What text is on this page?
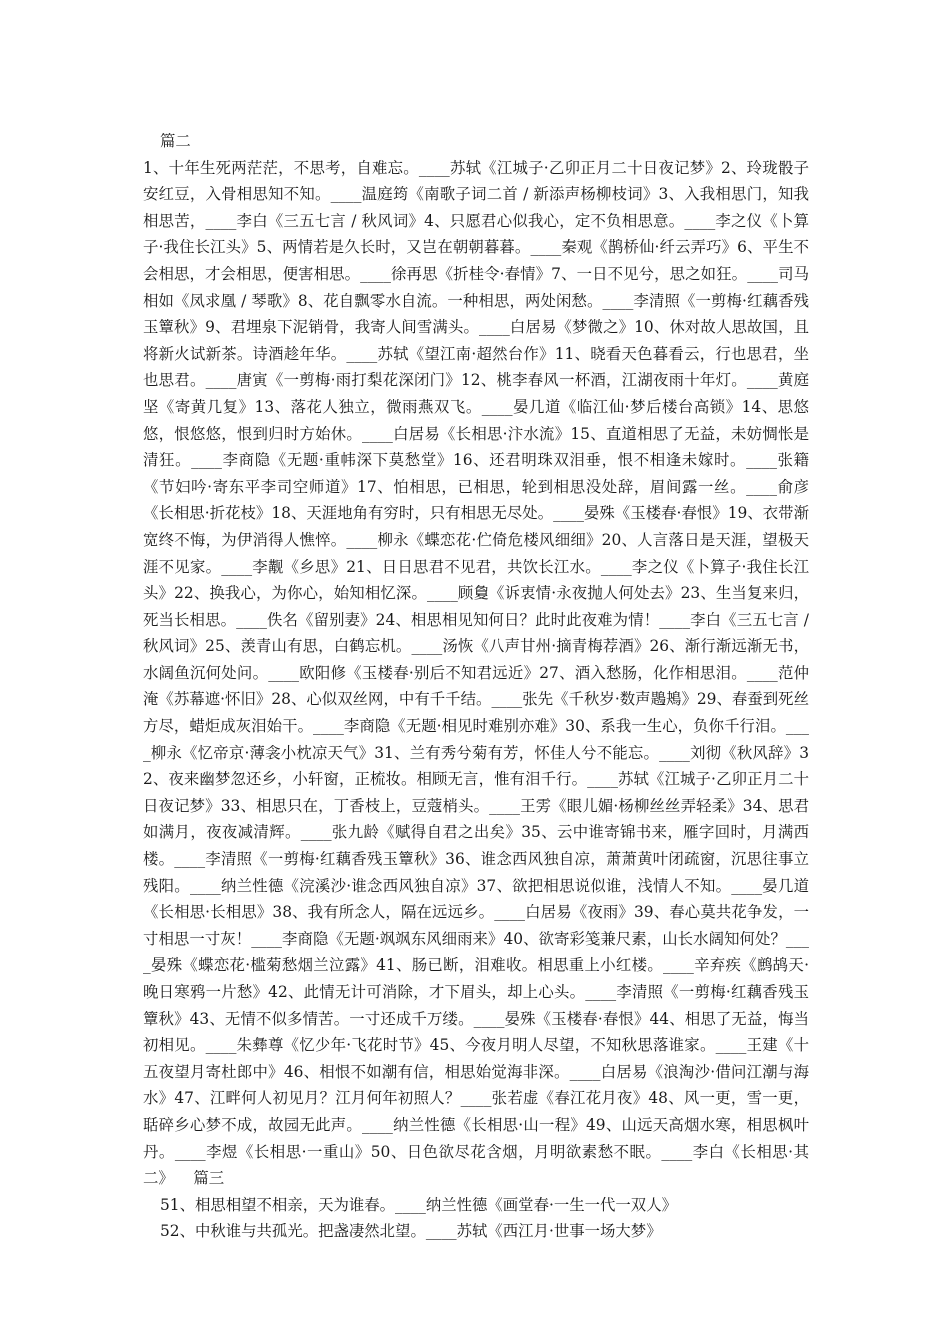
篇二

1、十年生死两茫茫，不思考，自难忘。____苏轼《江城子·乙卯正月二十日夜记梦》2、玲珑骰子安红豆，入骨相思知不知。____温庭筠《南歌子词二首 / 新添声杨柳枝词》3、入我相思门，知我相思苦，____李白《三五七言 / 秋风词》4、只愿君心似我心，定不负相思意。____李之仪《卜算子·我住长江头》5、两情若是久长时，又岂在朝朝暮暮。____秦观《鹊桥仙·纤云弄巧》6、平生不会相思，才会相思，便害相思。____徐再思《折桂令·春情》7、一日不见兮，思之如狂。____司马相如《凤求凰 / 琴歌》8、花自飘零水自流。一种相思，两处闲愁。____李清照《一剪梅·红藕香残玉簟秋》9、君埋泉下泥销骨，我寄人间雪满头。____白居易《梦微之》10、休对故人思故国，且将新火试新茶。诗酒趁年华。____苏轼《望江南·超然台作》11、晓看天色暮看云，行也思君，坐也思君。____唐寅《一剪梅·雨打梨花深闭门》12、桃李春风一杯酒，江湖夜雨十年灯。____黄庭坚《寄黄几复》13、落花人独立，微雨燕双飞。____晏几道《临江仙·梦后楼台高锁》14、思悠悠，恨悠悠，恨到归时方始休。____白居易《长相思·汴水流》15、直道相思了无益，未妨惆怅是清狂。____李商隐《无题·重帏深下莫愁堂》16、还君明珠双泪垂，恨不相逢未嫁时。____张籍《节妇吟·寄东平李司空师道》17、怕相思，已相思，轮到相思没处辞，眉间露一丝。____俞彦《长相思·折花枝》18、天涯地角有穷时，只有相思无尽处。____晏殊《玉楼春·春恨》19、衣带渐宽终不悔，为伊消得人憔悴。____柳永《蝶恋花·伫倚危楼风细细》20、人言落日是天涯，望极天涯不见家。____李觏《乡思》21、日日思君不见君，共饮长江水。____李之仪《卜算子·我住长江头》22、换我心，为你心，始知相忆深。____顾敻《诉衷情·永夜抛人何处去》23、生当复来归，死当长相思。____佚名《留别妻》24、相思相见知何日？此时此夜难为情！____李白《三五七言 / 秋风词》25、羡青山有思，白鹤忘机。____汤恢《八声甘州·摘青梅荐酒》26、渐行渐远渐无书，水阔鱼沉何处问。____欧阳修《玉楼春·别后不知君远近》27、酒入愁肠，化作相思泪。____范仲淹《苏幕遮·怀旧》28、心似双丝网，中有千千结。____张先《千秋岁·数声鶗鴂》29、春蚕到死丝方尽，蜡炬成灰泪始干。____李商隐《无题·相见时难别亦难》30、系我一生心，负你千行泪。____柳永《忆帝京·薄衾小枕凉天气》31、兰有秀兮菊有芳，怀佳人兮不能忘。____刘彻《秋风辞》32、夜来幽梦忽还乡，小轩窗，正梳妆。相顾无言，惟有泪千行。____苏轼《江城子·乙卯正月二十日夜记梦》33、相思只在，丁香枝上，豆蔻梢头。____王雱《眼儿媚·杨柳丝丝弄轻柔》34、思君如满月，夜夜减清辉。____张九龄《赋得自君之出矣》35、云中谁寄锦书来，雁字回时，月满西楼。____李清照《一剪梅·红藕香残玉簟秋》36、谁念西风独自凉，萧萧黄叶闭疏窗，沉思往事立残阳。____纳兰性德《浣溪沙·谁念西风独自凉》37、欲把相思说似谁，浅情人不知。____晏几道《长相思·长相思》38、我有所念人，隔在远远乡。____白居易《夜雨》39、春心莫共花争发，一寸相思一寸灰！____李商隐《无题·飒飒东风细雨来》40、欲寄彩笺兼尺素，山长水阔知何处？____晏殊《蝶恋花·槛菊愁烟兰泣露》41、肠已断，泪难收。相思重上小红楼。____辛弃疾《鹧鸪天·晚日寒鸦一片愁》42、此情无计可消除，才下眉头，却上心头。____李清照《一剪梅·红藕香残玉簟秋》43、无情不似多情苦。一寸还成千万缕。____晏殊《玉楼春·春恨》44、相思了无益，悔当初相见。____朱彝尊《忆少年·飞花时节》45、今夜月明人尽望，不知秋思落谁家。____王建《十五夜望月寄杜郎中》46、相恨不如潮有信，相思始觉海非深。____白居易《浪淘沙·借问江潮与海水》47、江畔何人初见月？江月何年初照人？____张若虚《春江花月夜》48、风一更，雪一更，聒碎乡心梦不成，故园无此声。____纳兰性德《长相思·山一程》49、山远天高烟水寒，相思枫叶丹。____李煜《长相思·一重山》50、日色欲尽花含烟，月明欲素愁不眠。____李白《长相思·其二》 篇三

51、相思相望不相亲，天为谁春。____纳兰性德《画堂春·一生一代一双人》

52、中秋谁与共孤光。把盏凄然北望。____苏轼《西江月·世事一场大梦》
